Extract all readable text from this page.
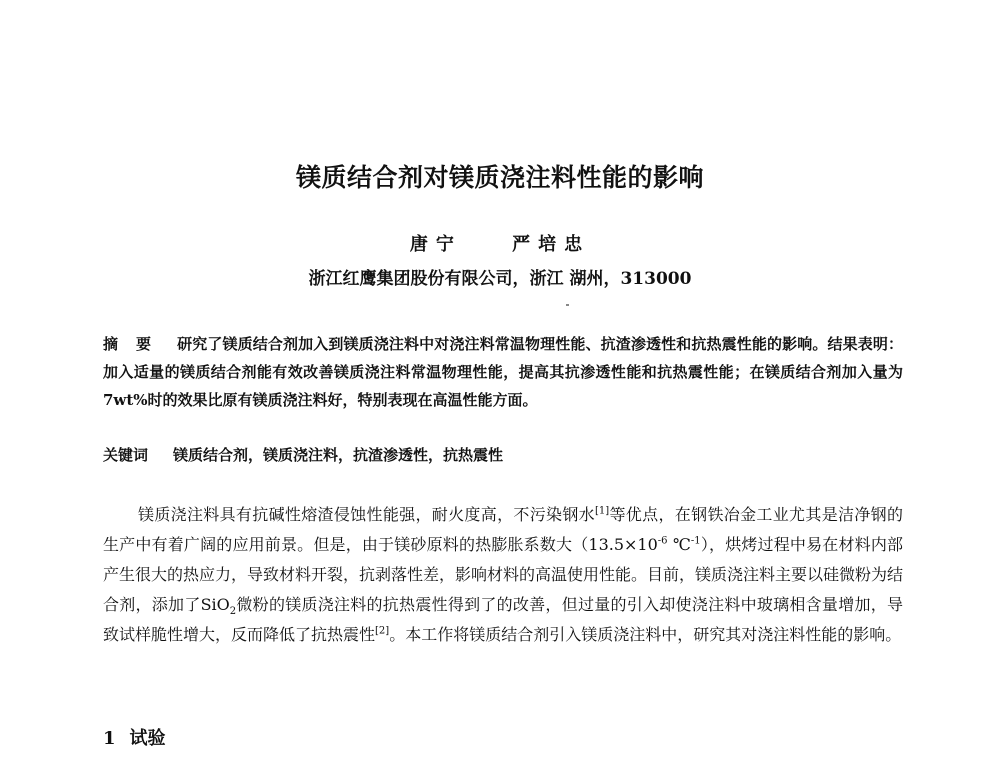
镁质结合剂对镁质浇注料性能的影响
唐宁	严培忠
浙江红鹰集团股份有限公司，浙江 湖州，313000
摘要 研究了镁质结合剂加入到镁质浇注料中对浇注料常温物理性能、抗渣渗透性和抗热震性能的影响。结果表明：加入适量的镁质结合剂能有效改善镁质浇注料常温物理性能，提高其抗渗透性能和抗热震性能；在镁质结合剂加入量为7wt%时的效果比原有镁质浇注料好，特别表现在高温性能方面。
关键词 镁质结合剂，镁质浇注料，抗渣渗透性，抗热震性
镁质浇注料具有抗碱性熔渣侵蚀性能强，耐火度高，不污染钢水[1]等优点，在钢铁冶金工业尤其是洁净钢的生产中有着广阔的应用前景。但是，由于镁砂原料的热膨胀系数大（$13.5\times 10^{-6}$ ℃$^{-1}$），烘烤过程中易在材料内部产生很大的热应力，导致材料开裂，抗剥落性差，影响材料的高温使用性能。目前，镁质浇注料主要以硅微粉为结合剂，添加了SiO$_2$微粉的镁质浇注料的抗热震性得到了的改善，但过量的引入却使浇注料中玻璃相含量增加，导致试样脆性增大，反而降低了抗热震性[2]。本工作将镁质结合剂引入镁质浇注料中，研究其对浇注料性能的影响。
1 试验
